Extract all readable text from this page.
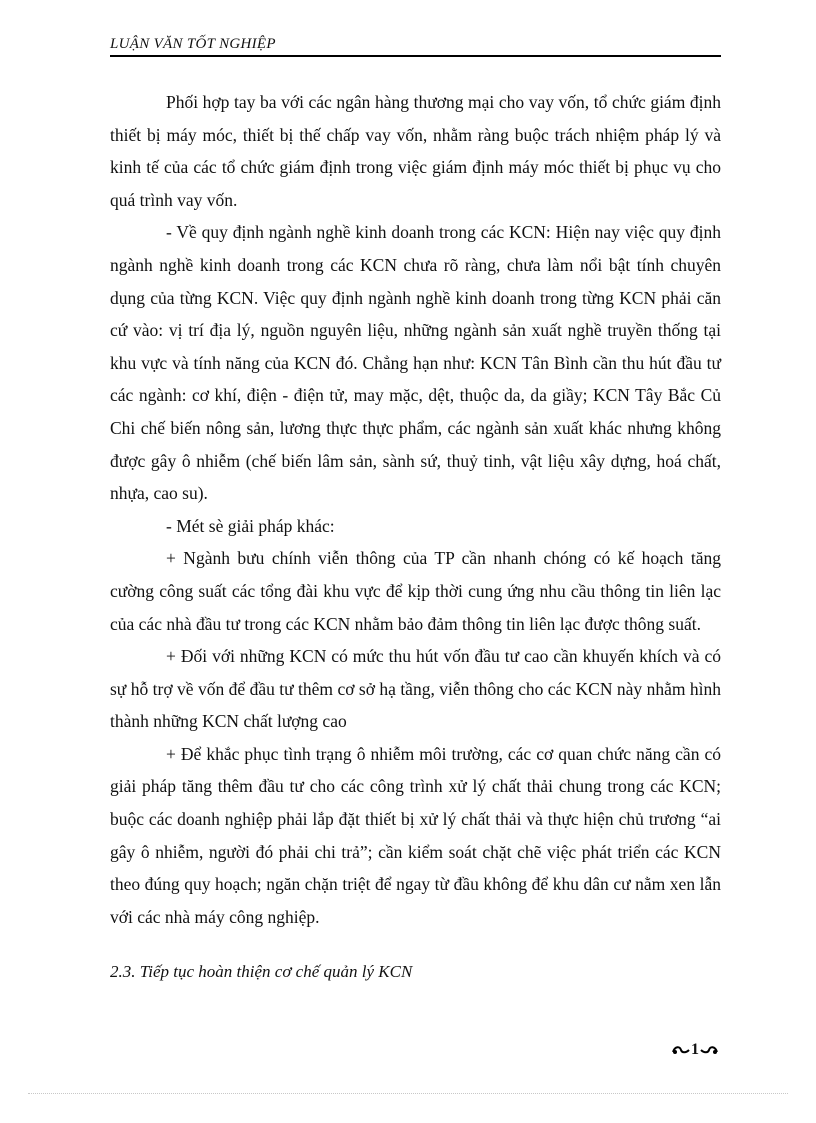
LUẬN VĂN TỐT NGHIỆP

Phối hợp tay ba với các ngân hàng thương mại cho vay vốn, tổ chức giám định thiết bị máy móc, thiết bị thế chấp vay vốn, nhằm ràng buộc trách nhiệm pháp lý và kinh tế của các tổ chức giám định trong việc giám định máy móc thiết bị phục vụ cho quá trình vay vốn.

- Về quy định ngành nghề kinh doanh trong các KCN: Hiện nay việc quy định ngành nghề kinh doanh trong các KCN chưa rõ ràng, chưa làm nổi bật tính chuyên dụng của từng KCN. Việc quy định ngành nghề kinh doanh trong từng KCN phải căn cứ vào: vị trí địa lý, nguồn nguyên liệu, những ngành sản xuất nghề truyền thống tại khu vực và tính năng của KCN đó. Chẳng hạn như: KCN Tân Bình cần thu hút đầu tư các ngành: cơ khí, điện - điện tử, may mặc, dệt, thuộc da, da giầy; KCN Tây Bắc Củ Chi chế biến nông sản, lương thực thực phẩm, các ngành sản xuất khác nhưng không được gây ô nhiễm (chế biến lâm sản, sành sứ, thuỷ tinh, vật liệu xây dựng, hoá chất, nhựa, cao su).

- Mét sè giải pháp khác:

+ Ngành bưu chính viễn thông của TP cần nhanh chóng có kế hoạch tăng cường công suất các tổng đài khu vực để kịp thời cung ứng nhu cầu thông tin liên lạc của các nhà đầu tư trong các KCN nhằm bảo đảm thông tin liên lạc được thông suất.

+ Đối với những KCN có mức thu hút vốn đầu tư cao cần khuyến khích và có sự hỗ trợ về vốn để đầu tư thêm cơ sở hạ tầng, viễn thông cho các KCN này nhằm hình thành những KCN chất lượng cao

+ Để khắc phục tình trạng ô nhiễm môi trường, các cơ quan chức năng cần có giải pháp tăng thêm đầu tư cho các công trình xử lý chất thải chung trong các KCN; buộc các doanh nghiệp phải lắp đặt thiết bị xử lý chất thải và thực hiện chủ trương “ai gây ô nhiễm, người đó phải chi trả”; cần kiểm soát chặt chẽ việc phát triển các KCN theo đúng quy hoạch; ngăn chặn triệt để ngay từ đầu không để khu dân cư nằm xen lẫn với các nhà máy công nghiệp.

2.3. Tiếp tục hoàn thiện cơ chế quản lý KCN
1
